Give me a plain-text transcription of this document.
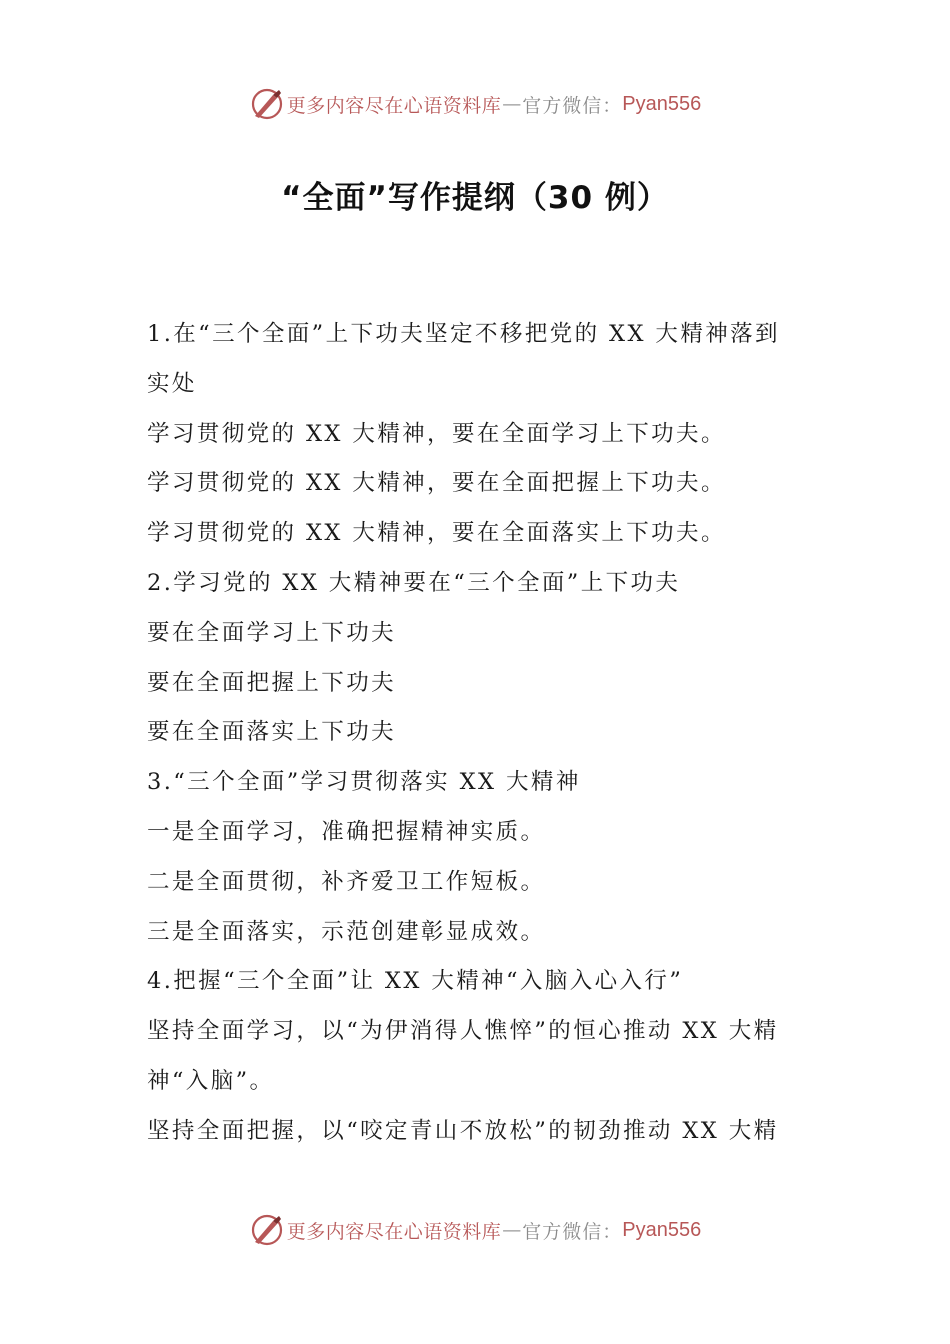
更多内容尽在心语资料库 — 官方微信： Pyan556
“全面”写作提纲（30 例）
1.在“三个全面”上下功夫坚定不移把党的 XX 大精神落到
实处
学习贯彻党的 XX 大精神，要在全面学习上下功夫。
学习贯彻党的 XX 大精神，要在全面把握上下功夫。
学习贯彻党的 XX 大精神，要在全面落实上下功夫。
2.学习党的 XX 大精神要在“三个全面”上下功夫
要在全面学习上下功夫
要在全面把握上下功夫
要在全面落实上下功夫
3.“三个全面”学习贯彻落实 XX 大精神
一是全面学习，准确把握精神实质。
二是全面贯彻，补齐爱卫工作短板。
三是全面落实，示范创建彰显成效。
4.把握“三个全面”让 XX 大精神“入脑入心入行”
坚持全面学习，以“为伊消得人憔悴”的恒心推动 XX 大精
神“入脑”。
坚持全面把握，以“咬定青山不放松”的韧劲推动 XX 大精
更多内容尽在心语资料库 — 官方微信： Pyan556
